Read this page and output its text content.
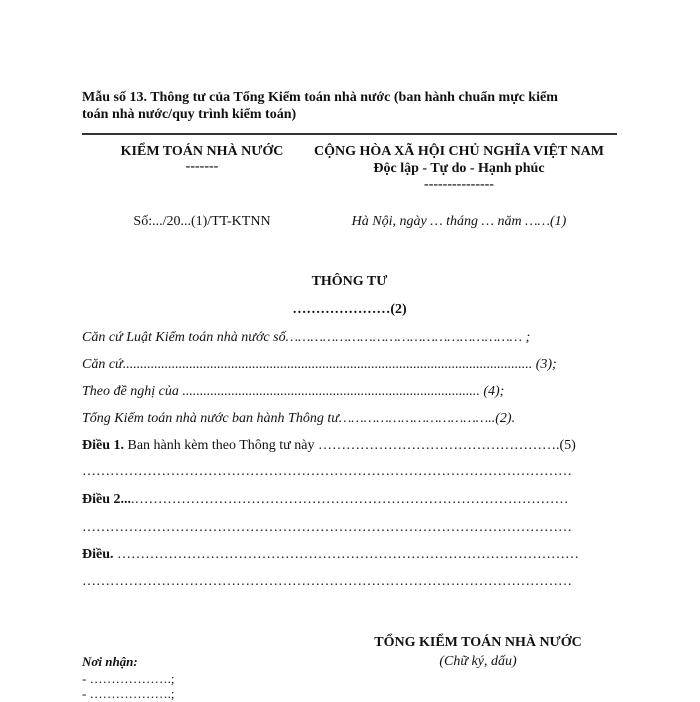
Mẫu số 13. Thông tư của Tổng Kiểm toán nhà nước (ban hành chuẩn mực kiểm
toán nhà nước/quy trình kiểm toán)
KIỂM TOÁN NHÀ NƯỚC
-------
Số:.../20...(1)/TT-KTNN
CỘNG HÒA XÃ HỘI CHỦ NGHĨA VIỆT NAM
Độc lập - Tự do - Hạnh phúc
---------------
Hà Nội, ngày … tháng … năm ……(1)
THÔNG TƯ
…………………(2)
Căn cứ Luật Kiểm toán nhà nước số………………………………………………… ;
Căn cứ..................................................................................................................... (3);
Theo đề nghị của ..................................................................................... (4);
Tổng Kiểm toán nhà nước ban hành Thông tư………………………………..(2).
Điều 1. Ban hành kèm theo Thông tư này …………………………………………….(5)
……………………………………………………………………………………………
Điều 2....…………………………………………………………………………………
……………………………………………………………………………………………
Điều. ………………………………………………………………………………………
……………………………………………………………………………………………
TỔNG KIỂM TOÁN NHÀ NƯỚC
(Chữ ký, dấu)
Nơi nhận:
- ……………….;
- ……………….;
